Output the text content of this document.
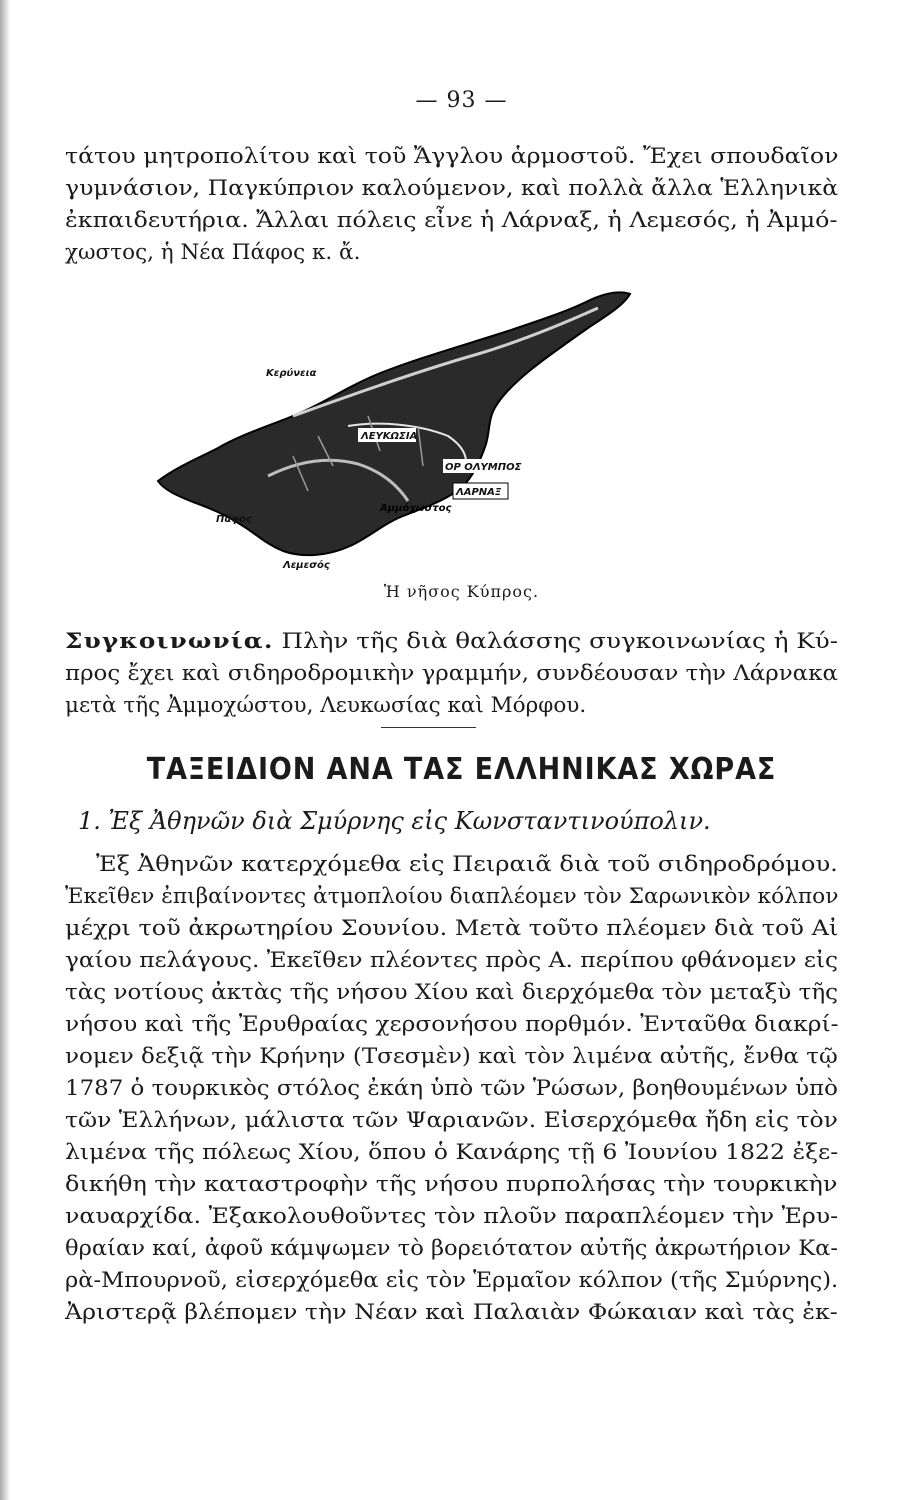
— 93 —
τάτου μητροπολίτου καὶ τοῦ Ἄγγλου ἁρμοστοῦ. Ἔχει σπουδαῖον
γυμνάσιον, Παγκύπριον καλούμενον, καὶ πολλὰ ἄλλα Ἑλληνικὰ
ἐκπαιδευτήρια. Ἄλλαι πόλεις εἶνε ἡ Λάρναξ, ἡ Λεμεσός, ἡ Ἀμμό-
χωστος, ἡ Νέα Πάφος κ. ἄ.
ΛΑΡΝΑΞ
ΟΡ ΟΛΥΜΠΟΣ
ΛΕΥΚΩΣΙΑ
Ἀμμόχωστος
Λεμεσός
Πάφος
Κερύνεια
Ἡ νῆσος Κύπρος.
Συγκοινωνία. Πλὴν τῆς διὰ θαλάσσης συγκοινωνίας ἡ Κύ-
προς ἔχει καὶ σιδηροδρομικὴν γραμμήν, συνδέουσαν τὴν Λάρνακα
μετὰ τῆς Ἀμμοχώστου, Λευκωσίας καὶ Μόρφου.
ΤΑΞΕΙΔΙΟΝ ΑΝΑ ΤΑΣ ΕΛΛΗΝΙΚΑΣ ΧΩΡΑΣ
1. Ἐξ Ἀθηνῶν διὰ Σμύρνης εἰς Κωνσταντινούπολιν.
Ἐξ Ἀθηνῶν κατερχόμεθα εἰς Πειραιᾶ διὰ τοῦ σιδηροδρόμου.
Ἐκεῖθεν ἐπιβαίνοντες ἀτμοπλοίου διαπλέομεν τὸν Σαρωνικὸν κόλπον
μέχρι τοῦ ἀκρωτηρίου Σουνίου. Μετὰ τοῦτο πλέομεν διὰ τοῦ Αἰ
γαίου πελάγους. Ἐκεῖθεν πλέοντες πρὸς Α. περίπου φθάνομεν εἰς
τὰς νοτίους ἀκτὰς τῆς νήσου Χίου καὶ διερχόμεθα τὸν μεταξὺ τῆς
νήσου καὶ τῆς Ἐρυθραίας χερσονήσου πορθμόν. Ἐνταῦθα διακρί-
νομεν δεξιᾷ τὴν Κρήνην (Τσεσμὲν) καὶ τὸν λιμένα αὐτῆς, ἔνθα τῷ
1787 ὁ τουρκικὸς στόλος ἐκάη ὑπὸ τῶν Ῥώσων, βοηθουμένων ὑπὸ
τῶν Ἑλλήνων, μάλιστα τῶν Ψαριανῶν. Εἰσερχόμεθα ἤδη εἰς τὸν
λιμένα τῆς πόλεως Χίου, ὅπου ὁ Κανάρης τῇ 6 Ἰουνίου 1822 ἐξε-
δικήθη τὴν καταστροφὴν τῆς νήσου πυρπολήσας τὴν τουρκικὴν
ναυαρχίδα. Ἐξακολουθοῦντες τὸν πλοῦν παραπλέομεν τὴν Ἐρυ-
θραίαν καί, ἀφοῦ κάμψωμεν τὸ βορειότατον αὐτῆς ἀκρωτήριον Κα-
ρὰ-Μπουρνοῦ, εἰσερχόμεθα εἰς τὸν Ἑρμαῖον κόλπον (τῆς Σμύρνης).
Ἀριστερᾷ βλέπομεν τὴν Νέαν καὶ Παλαιὰν Φώκαιαν καὶ τὰς ἐκ-
